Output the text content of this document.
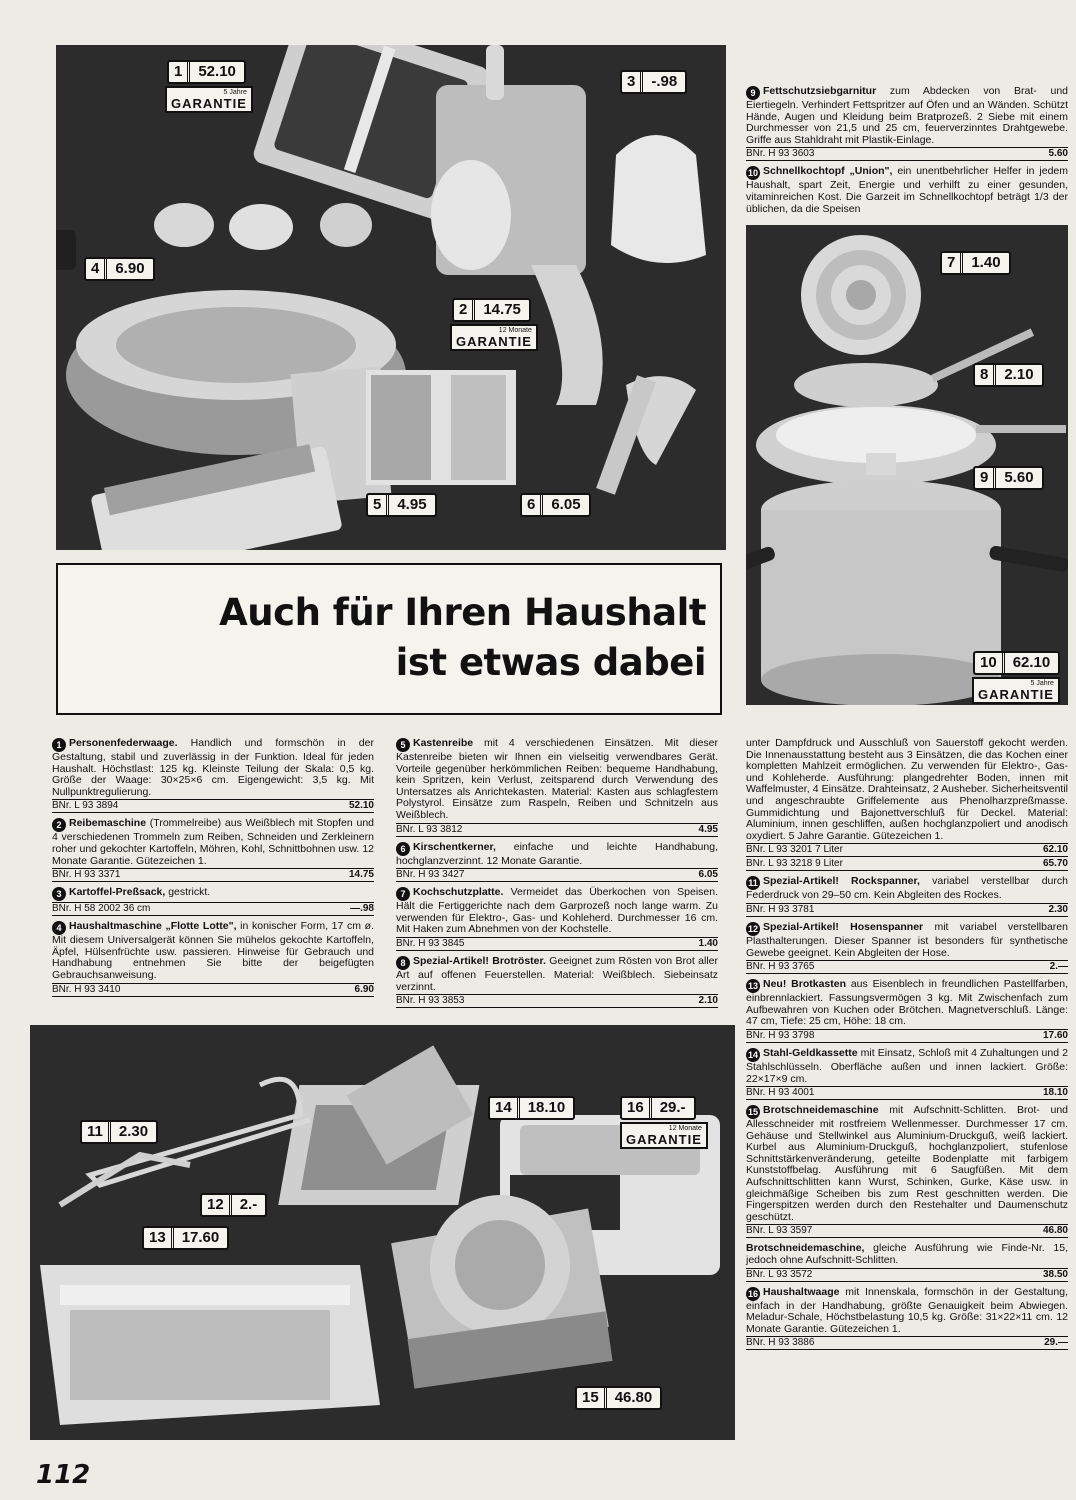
1	52.10
5 Jahre
GARANTIE
3	-.98
4	6.90
2	14.75
12 Monate
GARANTIE
5	4.95	6	6.05
7	1.40
8	2.10
9	5.60
10	62.10
5 Jahre
GARANTIE
14	18.10	16	29.-
12 Monate
GARANTIE
11	2.30
12	2.-
13	17.60
15	46.80
Auch für Ihren Haushalt
ist etwas dabei

1 Personenfederwaage. Handlich und formschön in der Gestaltung, stabil und zuverlässig in der Funktion. Ideal für jeden Haushalt. Höchstlast: 125 kg. Kleinste Teilung der Skala: 0,5 kg. Größe der Waage: 30×25×6 cm. Eigengewicht: 3,5 kg. Mit Nullpunktregulierung.

BNr. L 93 3894	52.10

2 Reibemaschine (Trommelreibe) aus Weißblech mit Stopfen und 4 verschiedenen Trommeln zum Reiben, Schneiden und Zerkleinern roher und gekochter Kartoffeln, Möhren, Kohl, Schnittbohnen usw. 12 Monate Garantie. Gütezeichen 1.

BNr. H 93 3371	14.75

3 Kartoffel-Preßsack, gestrickt.

BNr. H 58 2002 36 cm	—.98

4 Haushaltmaschine „Flotte Lotte", in konischer Form, 17 cm ø. Mit diesem Universalgerät können Sie mühelos gekochte Kartoffeln, Äpfel, Hülsenfrüchte usw. passieren. Hinweise für Gebrauch und Handhabung entnehmen Sie bitte der beigefügten Gebrauchsanweisung.

BNr. H 93 3410	6.90

5 Kastenreibe mit 4 verschiedenen Einsätzen. Mit dieser Kastenreibe bieten wir Ihnen ein vielseitig verwendbares Gerät. Vorteile gegenüber herkömmlichen Reiben: bequeme Handhabung, kein Spritzen, kein Verlust, zeitsparend durch Verwendung des Untersatzes als Anrichtekasten. Material: Kasten aus schlagfestem Polystyrol. Einsätze zum Raspeln, Reiben und Schnitzeln aus Weißblech.

BNr. L 93 3812	4.95

6 Kirschentkerner, einfache und leichte Handhabung, hochglanzverzinnt. 12 Monate Garantie.

BNr. H 93 3427	6.05

7 Kochschutzplatte. Vermeidet das Überkochen von Speisen. Hält die Fertiggerichte nach dem Garprozeß noch lange warm. Zu verwenden für Elektro-, Gas- und Kohleherd. Durchmesser 16 cm. Mit Haken zum Abnehmen von der Kochstelle.

BNr. H 93 3845	1.40

8 Spezial-Artikel! Brotröster. Geeignet zum Rösten von Brot aller Art auf offenen Feuerstellen. Material: Weißblech. Siebeinsatz verzinnt.

BNr. H 93 3853	2.10

9 Fettschutzsiebgarnitur zum Abdecken von Brat- und Eiertiegeln. Verhindert Fettspritzer auf Öfen und an Wänden. Schützt Hände, Augen und Kleidung beim Bratprozeß. 2 Siebe mit einem Durchmesser von 21,5 und 25 cm, feuerverzinntes Drahtgewebe. Griffe aus Stahldraht mit Plastik-Einlage.

BNr. H 93 3603	5.60

10 Schnellkochtopf „Union", ein unentbehrlicher Helfer in jedem Haushalt, spart Zeit, Energie und verhilft zu einer gesunden, vitaminreichen Kost. Die Garzeit im Schnellkochtopf beträgt 1/3 der üblichen, da die Speisen

unter Dampfdruck und Ausschluß von Sauerstoff gekocht werden. Die Innenausstattung besteht aus 3 Einsätzen, die das Kochen einer kompletten Mahlzeit ermöglichen. Zu verwenden für Elektro-, Gas- und Kohleherde. Ausführung: plangedrehter Boden, innen mit Waffelmuster, 4 Einsätze. Drahteinsatz, 2 Ausheber. Sicherheitsventil und angeschraubte Griffelemente aus Phenolharzpreßmasse. Gummidichtung und Bajonettverschluß für Deckel. Material: Aluminium, innen geschliffen, außen hochglanzpoliert und anodisch oxydiert. 5 Jahre Garantie. Gütezeichen 1.

BNr. L 93 3201 7 Liter	62.10
BNr. L 93 3218 9 Liter	65.70

11 Spezial-Artikel! Rockspanner, variabel verstellbar durch Federdruck von 29–50 cm. Kein Abgleiten des Rockes.

BNr. H 93 3781	2.30

12 Spezial-Artikel! Hosenspanner mit variabel verstellbaren Plasthalterungen. Dieser Spanner ist besonders für synthetische Gewebe geeignet. Kein Abgleiten der Hose.

BNr. H 93 3765	2.—

13 Neu! Brotkasten aus Eisenblech in freundlichen Pastellfarben, einbrennlackiert. Fassungsvermögen 3 kg. Mit Zwischenfach zum Aufbewahren von Kuchen oder Brötchen. Magnetverschluß. Länge: 47 cm, Tiefe: 25 cm, Höhe: 18 cm.

BNr. H 93 3798	17.60

14 Stahl-Geldkassette mit Einsatz, Schloß mit 4 Zuhaltungen und 2 Stahlschlüsseln. Oberfläche außen und innen lackiert. Größe: 22×17×9 cm.

BNr. H 93 4001	18.10

15 Brotschneidemaschine mit Aufschnitt-Schlitten. Brot- und Allesschneider mit rostfreiem Wellenmesser. Durchmesser 17 cm. Gehäuse und Stellwinkel aus Aluminium-Druckguß, weiß lackiert. Kurbel aus Aluminium-Druckguß, hochglanzpoliert, stufenlose Schnittstärkenveränderung, geteilte Bodenplatte mit farbigem Kunststoffbelag. Ausführung mit 6 Saugfüßen. Mit dem Aufschnittschlitten kann Wurst, Schinken, Gurke, Käse usw. in gleichmäßige Scheiben bis zum Rest geschnitten werden. Die Fingerspitzen werden durch den Restehalter und Daumenschutz geschützt.

BNr. L 93 3597	46.80

Brotschneidemaschine, gleiche Ausführung wie Finde-Nr. 15, jedoch ohne Aufschnitt-Schlitten.

BNr. L 93 3572	38.50

16 Haushaltwaage mit Innenskala, formschön in der Gestaltung, einfach in der Handhabung, größte Genauigkeit beim Abwiegen. Meladur-Schale, Höchstbelastung 10,5 kg. Größe: 31×22×11 cm. 12 Monate Garantie. Gütezeichen 1.

BNr. H 93 3886	29.—
112
